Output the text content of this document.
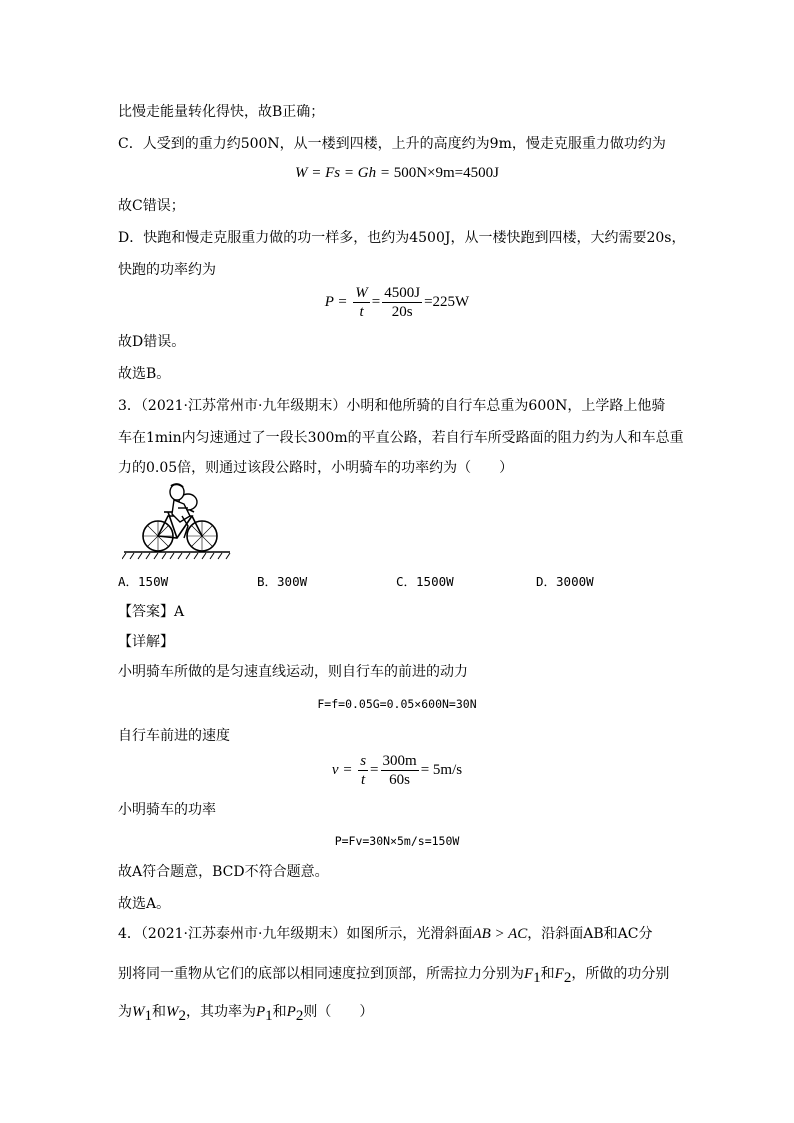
比慢走能量转化得快，故B正确；
C．人受到的重力约500N，从一楼到四楼，上升的高度约为9m，慢走克服重力做功约为
W = Fs = Gh = 500N×9m=4500J
故C错误；
D．快跑和慢走克服重力做的功一样多，也约为4500J，从一楼快跑到四楼，大约需要20s，
快跑的功率约为
$P = \frac{W}{t} = \frac{4500J}{20s} =225W$
故D错误。
故选B。
3．（2021·江苏常州市·九年级期末）小明和他所骑的自行车总重为600N，上学路上他骑
车在1min内匀速通过了一段长300m的平直公路，若自行车所受路面的阻力约为人和车总重
力的0.05倍，则通过该段公路时，小明骑车的功率约为（　　）
A．150W	B．300W	C．1500W	D．3000W
【答案】A
【详解】
小明骑车所做的是匀速直线运动，则自行车的前进的动力
F=f=0.05G=0.05×600N=30N
自行车前进的速度
$v = \frac{s}{t} = \frac{300m}{60s} = 5m/s$
小明骑车的功率
P=Fv=30N×5m/s=150W
故A符合题意，BCD不符合题意。
故选A。
4．（2021·江苏泰州市·九年级期末）如图所示，光滑斜面AB > AC，沿斜面AB和AC分
别将同一重物从它们的底部以相同速度拉到顶部，所需拉力分别为$F_1$和$F_2$，所做的功分别
为$W_1$和$W_2$，其功率为$P_1$和$P_2$则（　　）
